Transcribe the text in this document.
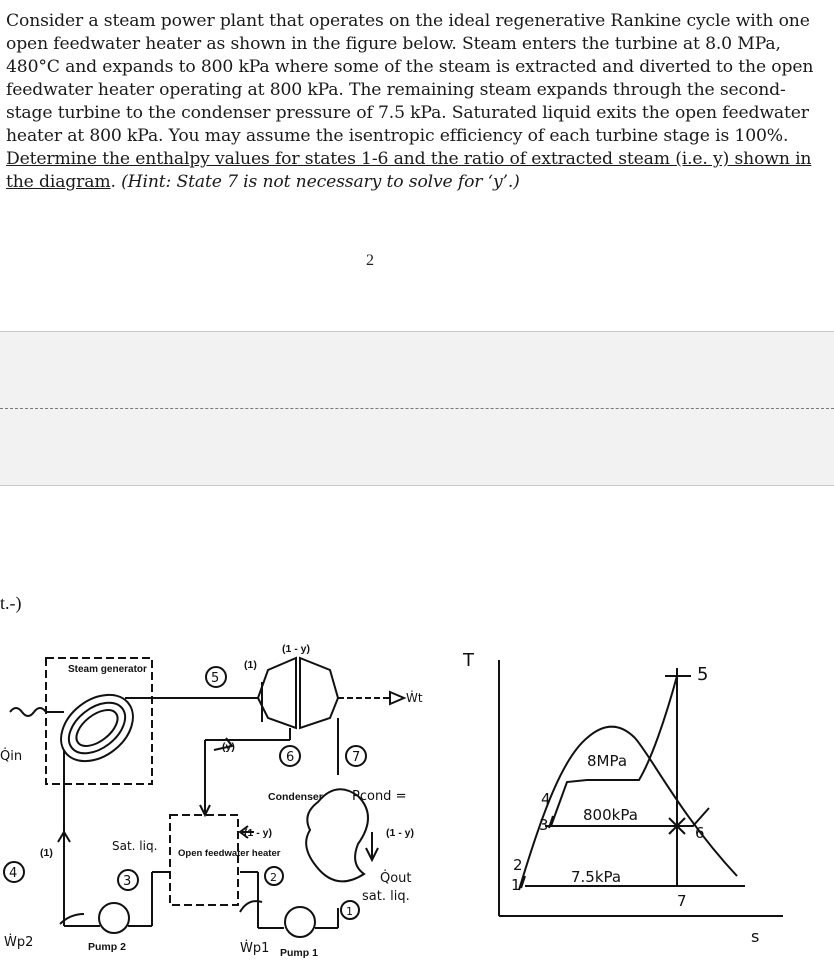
Consider a steam power plant that operates on the ideal regenerative Rankine cycle with one open feedwater heater as shown in the figure below. Steam enters the turbine at 8.0 MPa, 480°C and expands to 800 kPa where some of the steam is extracted and diverted to the open feedwater heater operating at 800 kPa. The remaining steam expands through the second-stage turbine to the condenser pressure of 7.5 kPa. Saturated liquid exits the open feedwater heater at 800 kPa. You may assume the isentropic efficiency of each turbine stage is 100%. Determine the enthalpy values for states 1-6 and the ratio of extracted steam (i.e. y) shown in the diagram. (Hint: State 7 is not necessary to solve for ‘y’.)
2
t.-)
Steam generator
Condenser
Open feedwater heater
Pump 2	Pump 1
(1)
(1 - y)
(1 - y)	(1 - y)
(1)
(y)
5
6	7
1
2
3
4
Q̇in
Ẇt
Pcond =
Q̇out
sat. liq.
Sat. liq.
Ẇp2	Ẇp1
T
s
8MPa
800kPa
7.5kPa
5
6
7
4
3
2
1
